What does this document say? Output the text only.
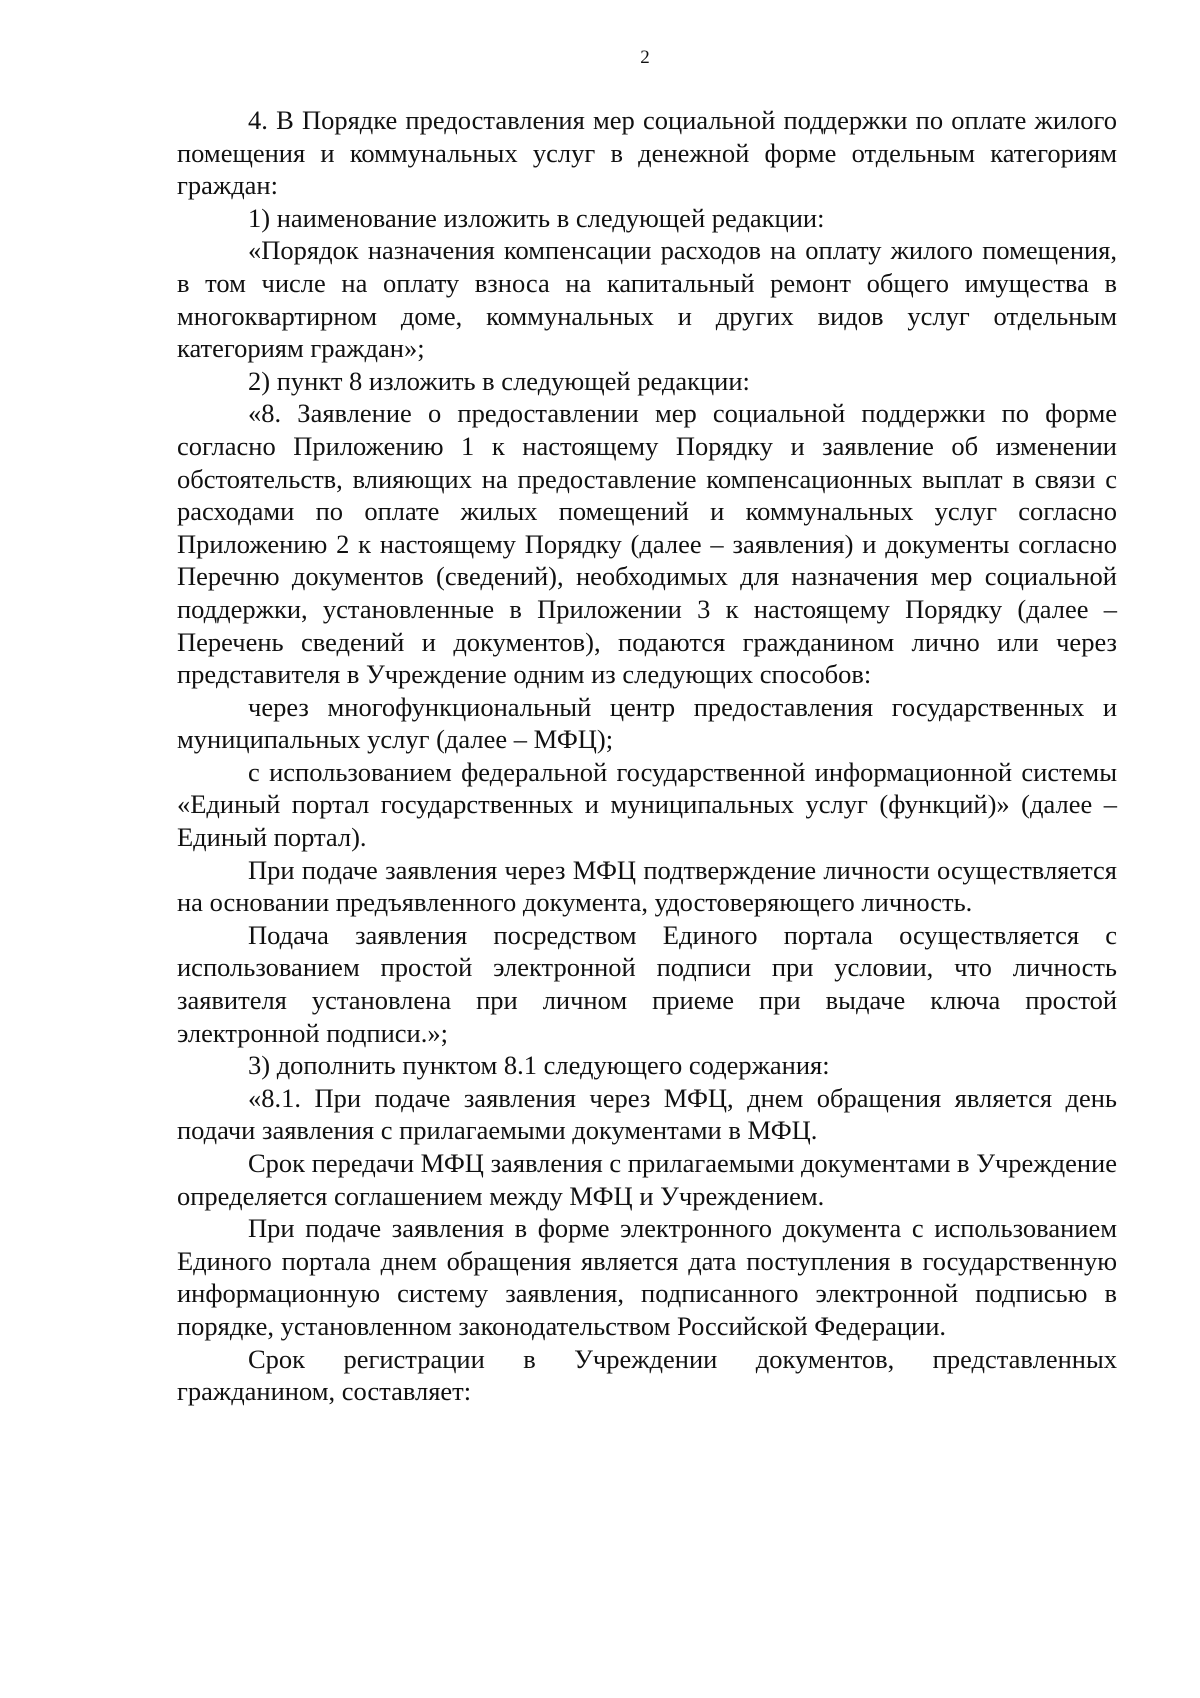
2

4. В Порядке предоставления мер социальной поддержки по оплате жилого помещения и коммунальных услуг в денежной форме отдельным категориям граждан:

1) наименование изложить в следующей редакции:

«Порядок назначения компенсации расходов на оплату жилого помещения, в том числе на оплату взноса на капитальный ремонт общего имущества в многоквартирном доме, коммунальных и других видов услуг отдельным категориям граждан»;

2) пункт 8 изложить в следующей редакции:

«8. Заявление о предоставлении мер социальной поддержки по форме согласно Приложению 1 к настоящему Порядку и заявление об изменении обстоятельств, влияющих на предоставление компенсационных выплат в связи с расходами по оплате жилых помещений и коммунальных услуг согласно Приложению 2 к настоящему Порядку (далее – заявления) и документы согласно Перечню документов (сведений), необходимых для назначения мер социальной поддержки, установленные в Приложении 3 к настоящему Порядку (далее – Перечень сведений и документов), подаются гражданином лично или через представителя в Учреждение одним из следующих способов:

через многофункциональный центр предоставления государственных и муниципальных услуг (далее – МФЦ);

с использованием федеральной государственной информационной системы «Единый портал государственных и муниципальных услуг (функций)» (далее – Единый портал).

При подаче заявления через МФЦ подтверждение личности осуществляется на основании предъявленного документа, удостоверяющего личность.

Подача заявления посредством Единого портала осуществляется с использованием простой электронной подписи при условии, что личность заявителя установлена при личном приеме при выдаче ключа простой электронной подписи.»;

3) дополнить пунктом 8.1 следующего содержания:

«8.1. При подаче заявления через МФЦ, днем обращения является день подачи заявления с прилагаемыми документами в МФЦ.

Срок передачи МФЦ заявления с прилагаемыми документами в Учреждение определяется соглашением между МФЦ и Учреждением.

При подаче заявления в форме электронного документа с использованием Единого портала днем обращения является дата поступления в государственную информационную систему заявления, подписанного электронной подписью в порядке, установленном законодательством Российской Федерации.

Срок регистрации в Учреждении документов, представленных гражданином, составляет:
